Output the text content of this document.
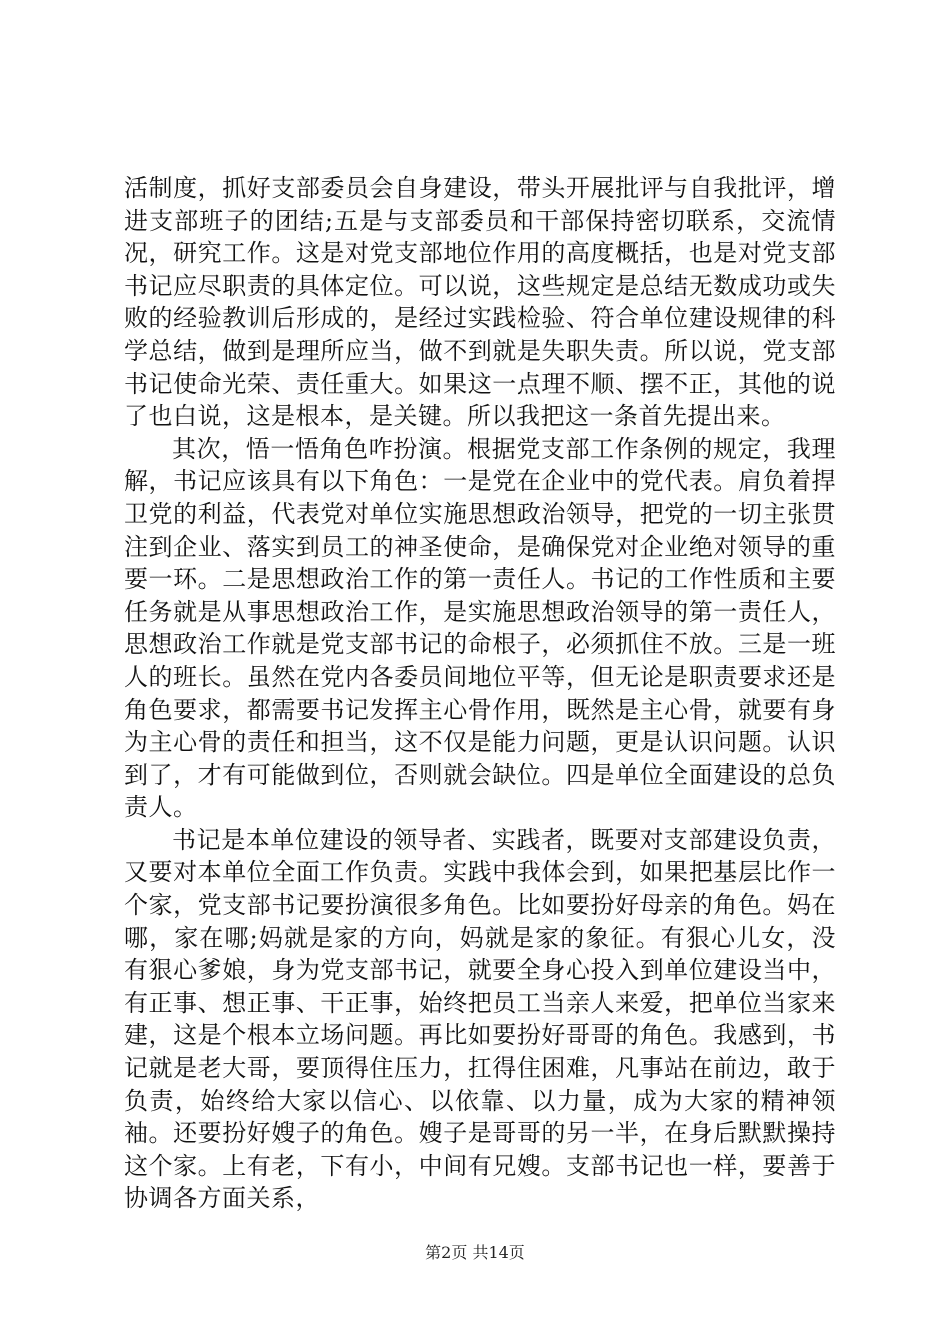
活制度，抓好支部委员会自身建设，带头开展批评与自我批评，增进支部班子的团结;五是与支部委员和干部保持密切联系，交流情况，研究工作。这是对党支部地位作用的高度概括，也是对党支部书记应尽职责的具体定位。可以说，这些规定是总结无数成功或失败的经验教训后形成的，是经过实践检验、符合单位建设规律的科学总结，做到是理所应当，做不到就是失职失责。所以说，党支部书记使命光荣、责任重大。如果这一点理不顺、摆不正，其他的说了也白说，这是根本，是关键。所以我把这一条首先提出来。

其次，悟一悟角色咋扮演。根据党支部工作条例的规定，我理解，书记应该具有以下角色：一是党在企业中的党代表。肩负着捍卫党的利益，代表党对单位实施思想政治领导，把党的一切主张贯注到企业、落实到员工的神圣使命，是确保党对企业绝对领导的重要一环。二是思想政治工作的第一责任人。书记的工作性质和主要任务就是从事思想政治工作，是实施思想政治领导的第一责任人，思想政治工作就是党支部书记的命根子，必须抓住不放。三是一班人的班长。虽然在党内各委员间地位平等，但无论是职责要求还是角色要求，都需要书记发挥主心骨作用，既然是主心骨，就要有身为主心骨的责任和担当，这不仅是能力问题，更是认识问题。认识到了，才有可能做到位，否则就会缺位。四是单位全面建设的总负责人。

书记是本单位建设的领导者、实践者，既要对支部建设负责，又要对本单位全面工作负责。实践中我体会到，如果把基层比作一个家，党支部书记要扮演很多角色。比如要扮好母亲的角色。妈在哪，家在哪;妈就是家的方向，妈就是家的象征。有狠心儿女，没有狠心爹娘，身为党支部书记，就要全身心投入到单位建设当中，有正事、想正事、干正事，始终把员工当亲人来爱，把单位当家来建，这是个根本立场问题。再比如要扮好哥哥的角色。我感到，书记就是老大哥，要顶得住压力，扛得住困难，凡事站在前边，敢于负责，始终给大家以信心、以依靠、以力量，成为大家的精神领袖。还要扮好嫂子的角色。嫂子是哥哥的另一半，在身后默默操持这个家。上有老，下有小，中间有兄嫂。支部书记也一样，要善于协调各方面关系，

第2页 共14页
